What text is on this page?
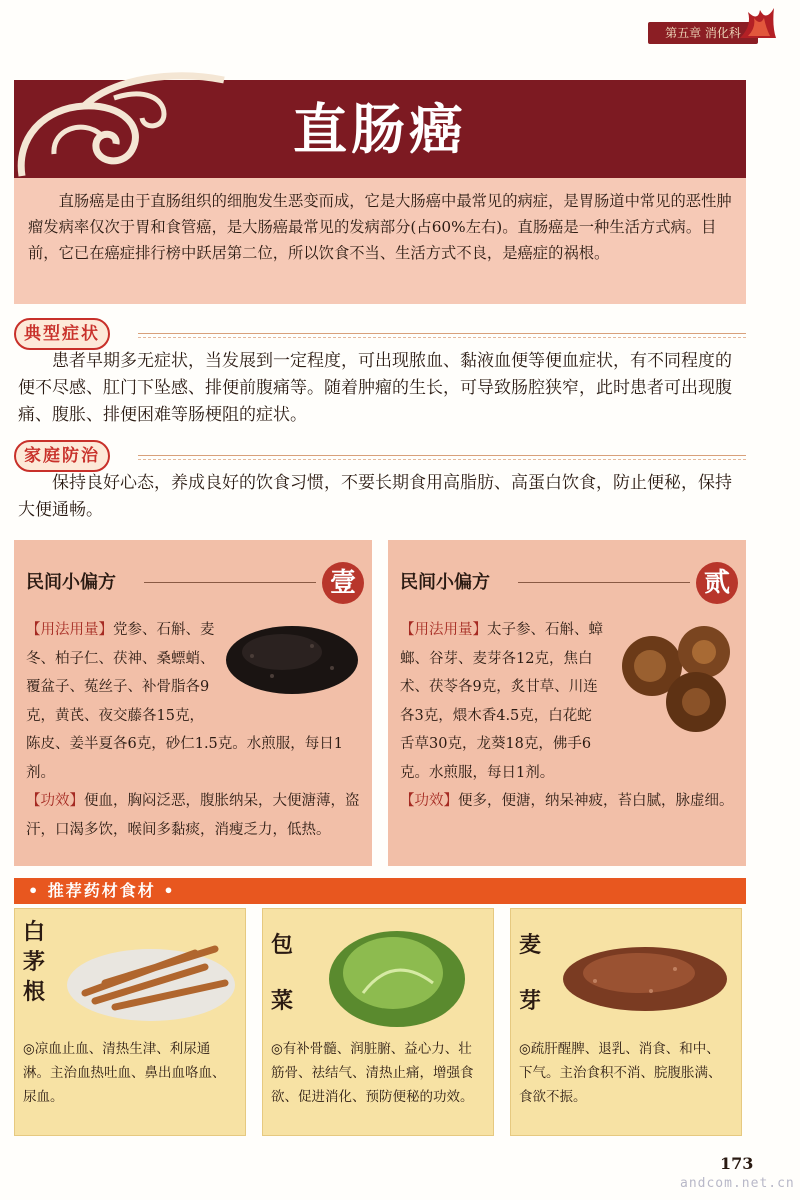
第五章 消化科
直肠癌
直肠癌是由于直肠组织的细胞发生恶变而成，它是大肠癌中最常见的病症，是胃肠道中常见的恶性肿瘤发病率仅次于胃和食管癌，是大肠癌最常见的发病部分(占60%左右)。直肠癌是一种生活方式病。目前，它已在癌症排行榜中跃居第二位，所以饮食不当、生活方式不良，是癌症的祸根。
典型症状
患者早期多无症状，当发展到一定程度，可出现脓血、黏液血便等便血症状，有不同程度的便不尽感、肛门下坠感、排便前腹痛等。随着肿瘤的生长，可导致肠腔狭窄，此时患者可出现腹痛、腹胀、排便困难等肠梗阻的症状。
家庭防治
保持良好心态，养成良好的饮食习惯，不要长期食用高脂肪、高蛋白饮食，防止便秘，保持大便通畅。
民间小偏方	壹
【用法用量】党参、石斛、麦冬、柏子仁、茯神、桑螵蛸、覆盆子、菟丝子、补骨脂各9克，黄芪、夜交藤各15克，陈皮、姜半夏各6克，砂仁1.5克。水煎服，每日1剂。
【功效】便血，胸闷泛恶，腹胀纳呆，大便溏薄，盗汗，口渴多饮，喉间多黏痰，消瘦乏力，低热。
民间小偏方	贰
【用法用量】太子参、石斛、蟑螂、谷芽、麦芽各12克，焦白术、茯苓各9克，炙甘草、川连各3克，煨木香4.5克，白花蛇舌草30克，龙葵18克，佛手6克。水煎服，每日1剂。
【功效】便多，便溏，纳呆神疲，苔白腻，脉虚细。
• 推荐药材食材 •
白茅根
◎凉血止血、清热生津、利尿通淋。主治血热吐血、鼻出血咯血、尿血。
包菜
◎有补骨髓、润脏腑、益心力、壮筋骨、祛结气、清热止痛，增强食欲、促进消化、预防便秘的功效。
麦芽
◎疏肝醒脾、退乳、消食、和中、下气。主治食积不消、脘腹胀满、食欲不振。
173
andcom.net.cn
